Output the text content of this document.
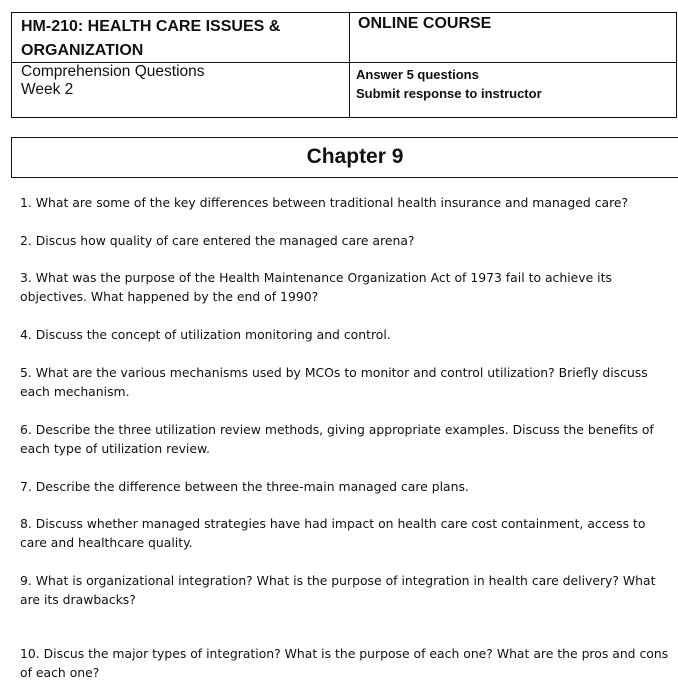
HM-210: HEALTH CARE ISSUES & ORGANIZATION
ONLINE COURSE
Comprehension Questions
Week 2
Answer 5 questions
Submit response to instructor
Chapter 9
1. What are some of the key differences between traditional health insurance and managed care?
2. Discus how quality of care entered the managed care arena?
3. What was the purpose of the Health Maintenance Organization Act of 1973 fail to achieve its objectives. What happened by the end of 1990?
4. Discuss the concept of utilization monitoring and control.
5. What are the various mechanisms used by MCOs to monitor and control utilization? Briefly discuss each mechanism.
6. Describe the three utilization review methods, giving appropriate examples. Discuss the benefits of each type of utilization review.
7. Describe the difference between the three-main managed care plans.
8. Discuss whether managed strategies have had impact on health care cost containment, access to care and healthcare quality.
9. What is organizational integration? What is the purpose of integration in health care delivery? What are its drawbacks?
10. Discus the major types of integration? What is the purpose of each one? What are the pros and cons of each one?
